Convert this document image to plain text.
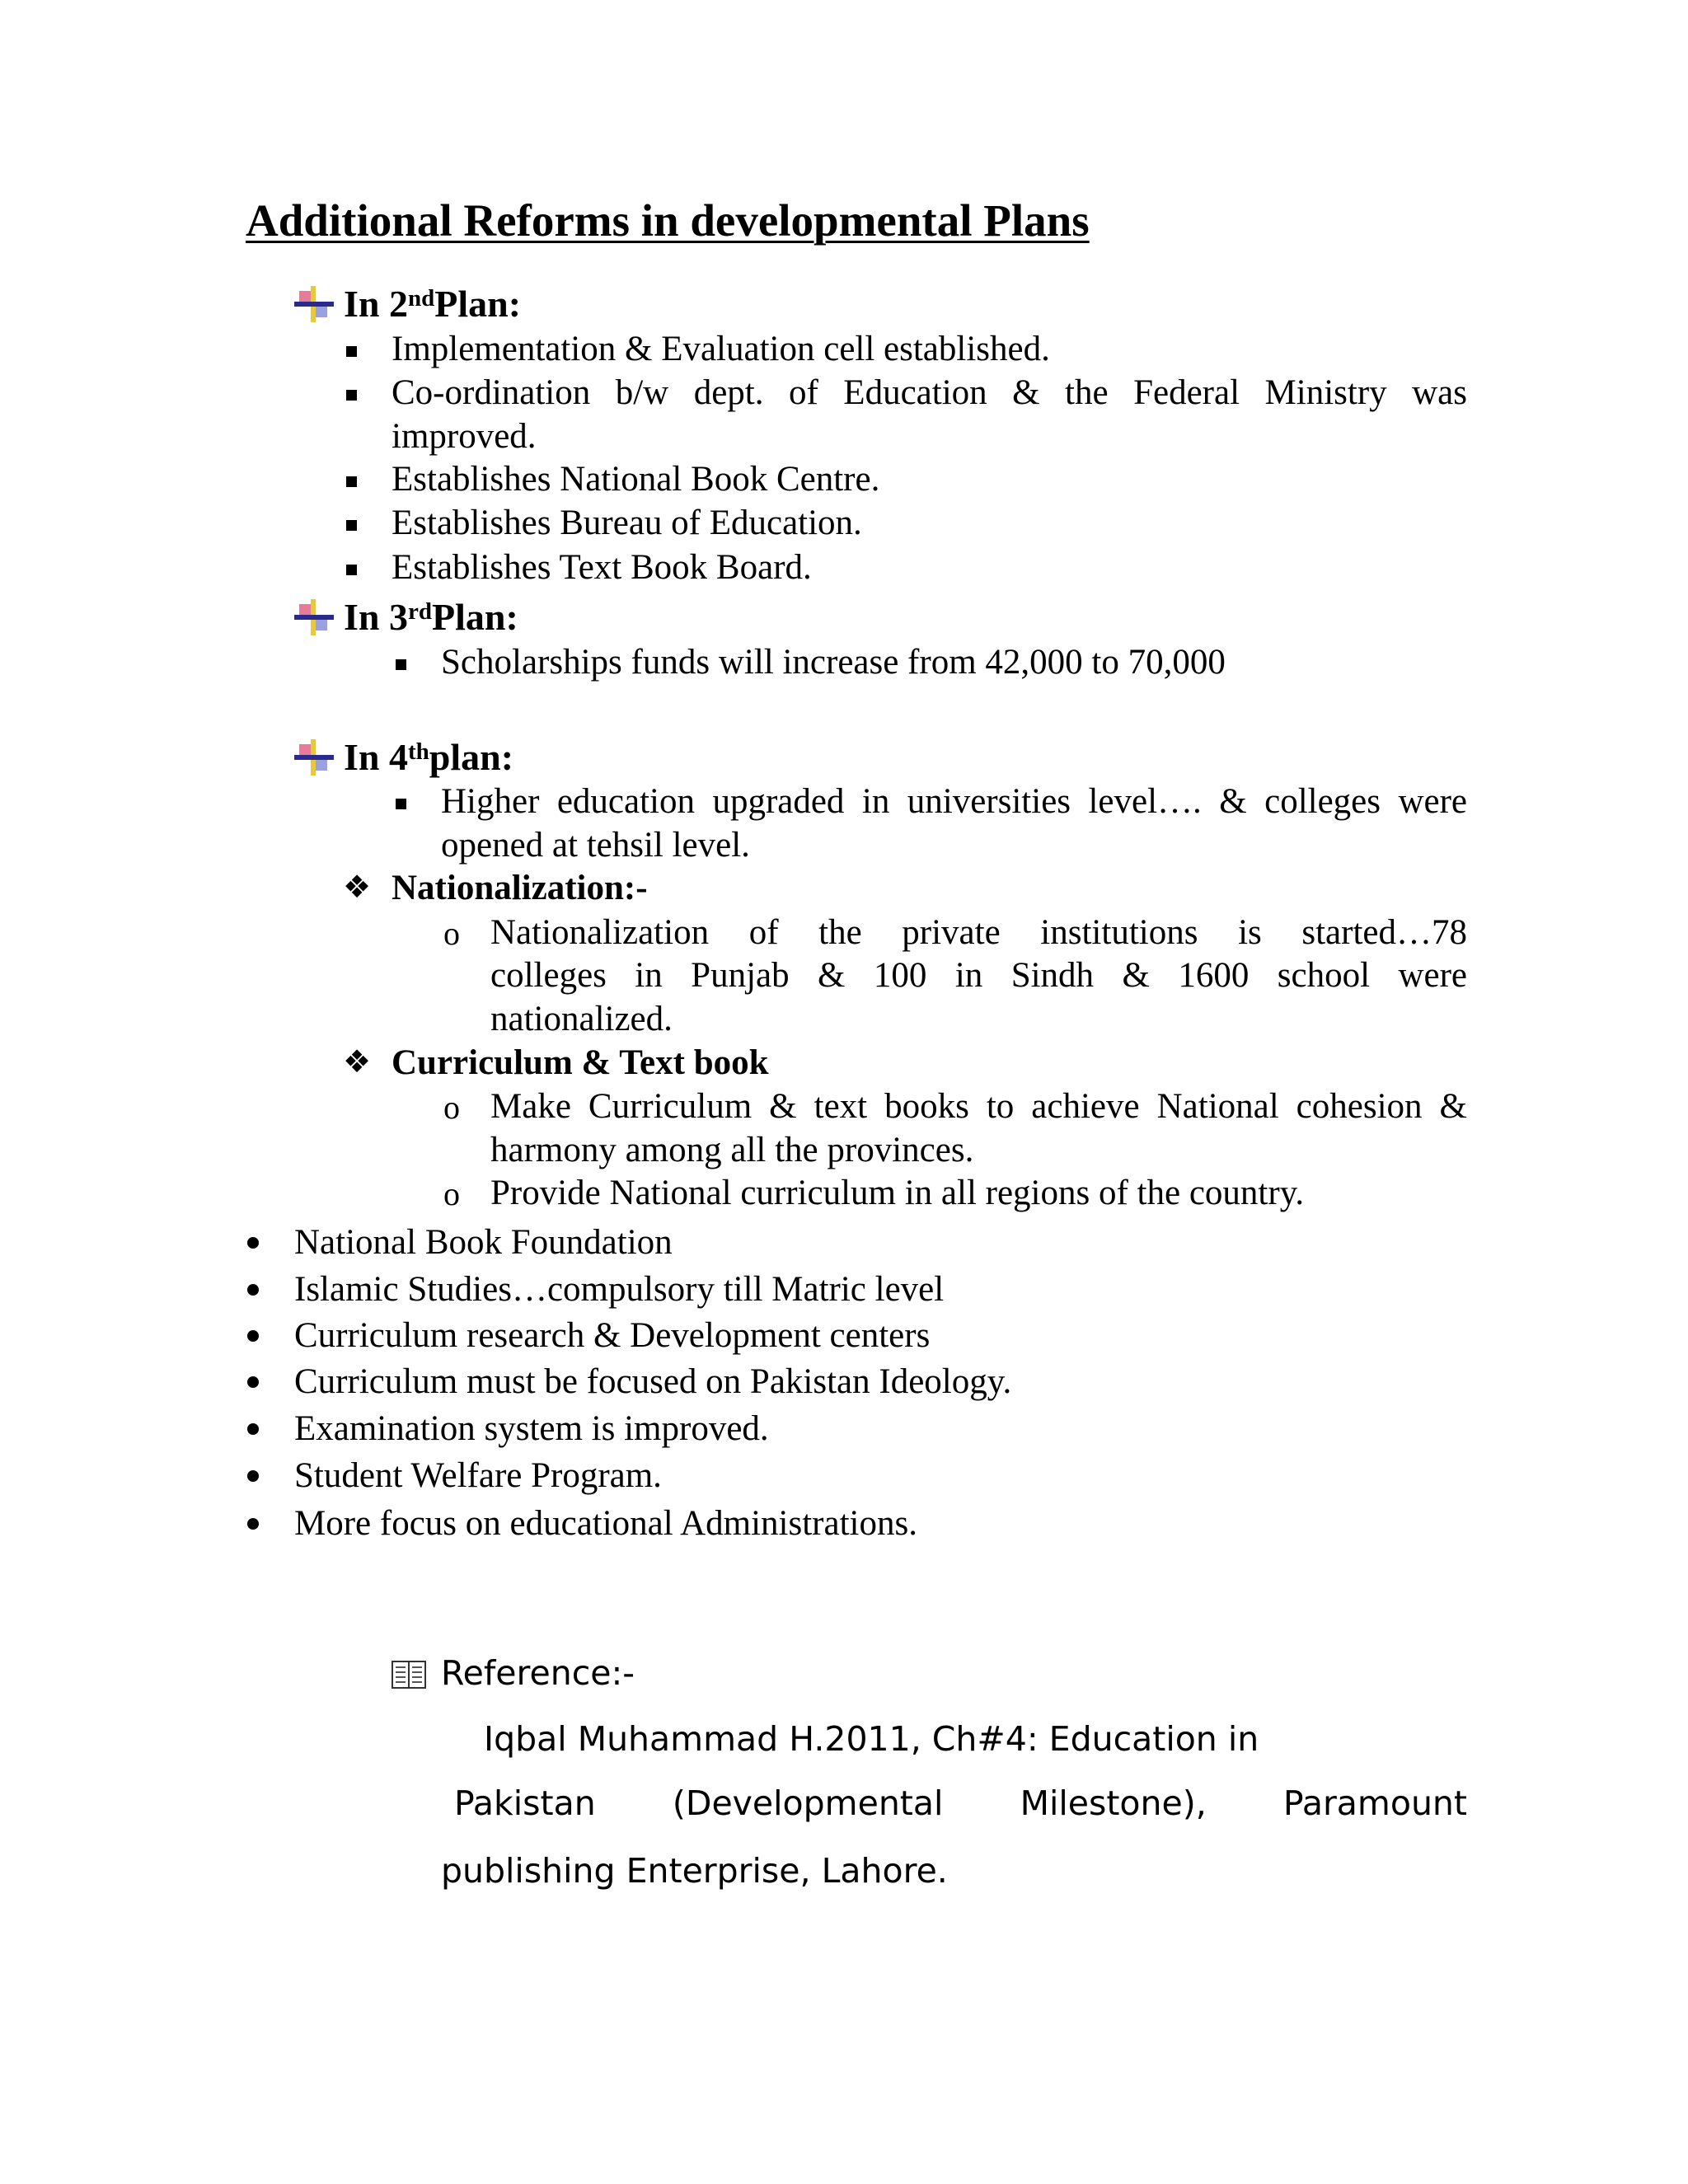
Additional Reforms in developmental Plans
In 2nd Plan:
Implementation & Evaluation cell established.
Co-ordination b/w dept. of Education & the Federal Ministry was
improved.
Establishes National Book Centre.
Establishes Bureau of Education.
Establishes Text Book Board.
In 3rd Plan:
Scholarships funds will increase from 42,000 to 70,000
In 4th plan:
Higher education upgraded in universities level…. & colleges were
opened at tehsil level.
❖ Nationalization:-
o Nationalization of the private institutions is started…78
colleges in Punjab & 100 in Sindh & 1600 school were
nationalized.
❖ Curriculum & Text book
o Make Curriculum & text books to achieve National cohesion &
harmony among all the provinces.
o Provide National curriculum in all regions of the country.
National Book Foundation
Islamic Studies…compulsory till Matric level
Curriculum research & Development centers
Curriculum must be focused on Pakistan Ideology.
Examination system is improved.
Student Welfare Program.
More focus on educational Administrations.
Reference:-
Iqbal Muhammad H.2011, Ch#4: Education in
Pakistan (Developmental Milestone), Paramount
publishing Enterprise, Lahore.
